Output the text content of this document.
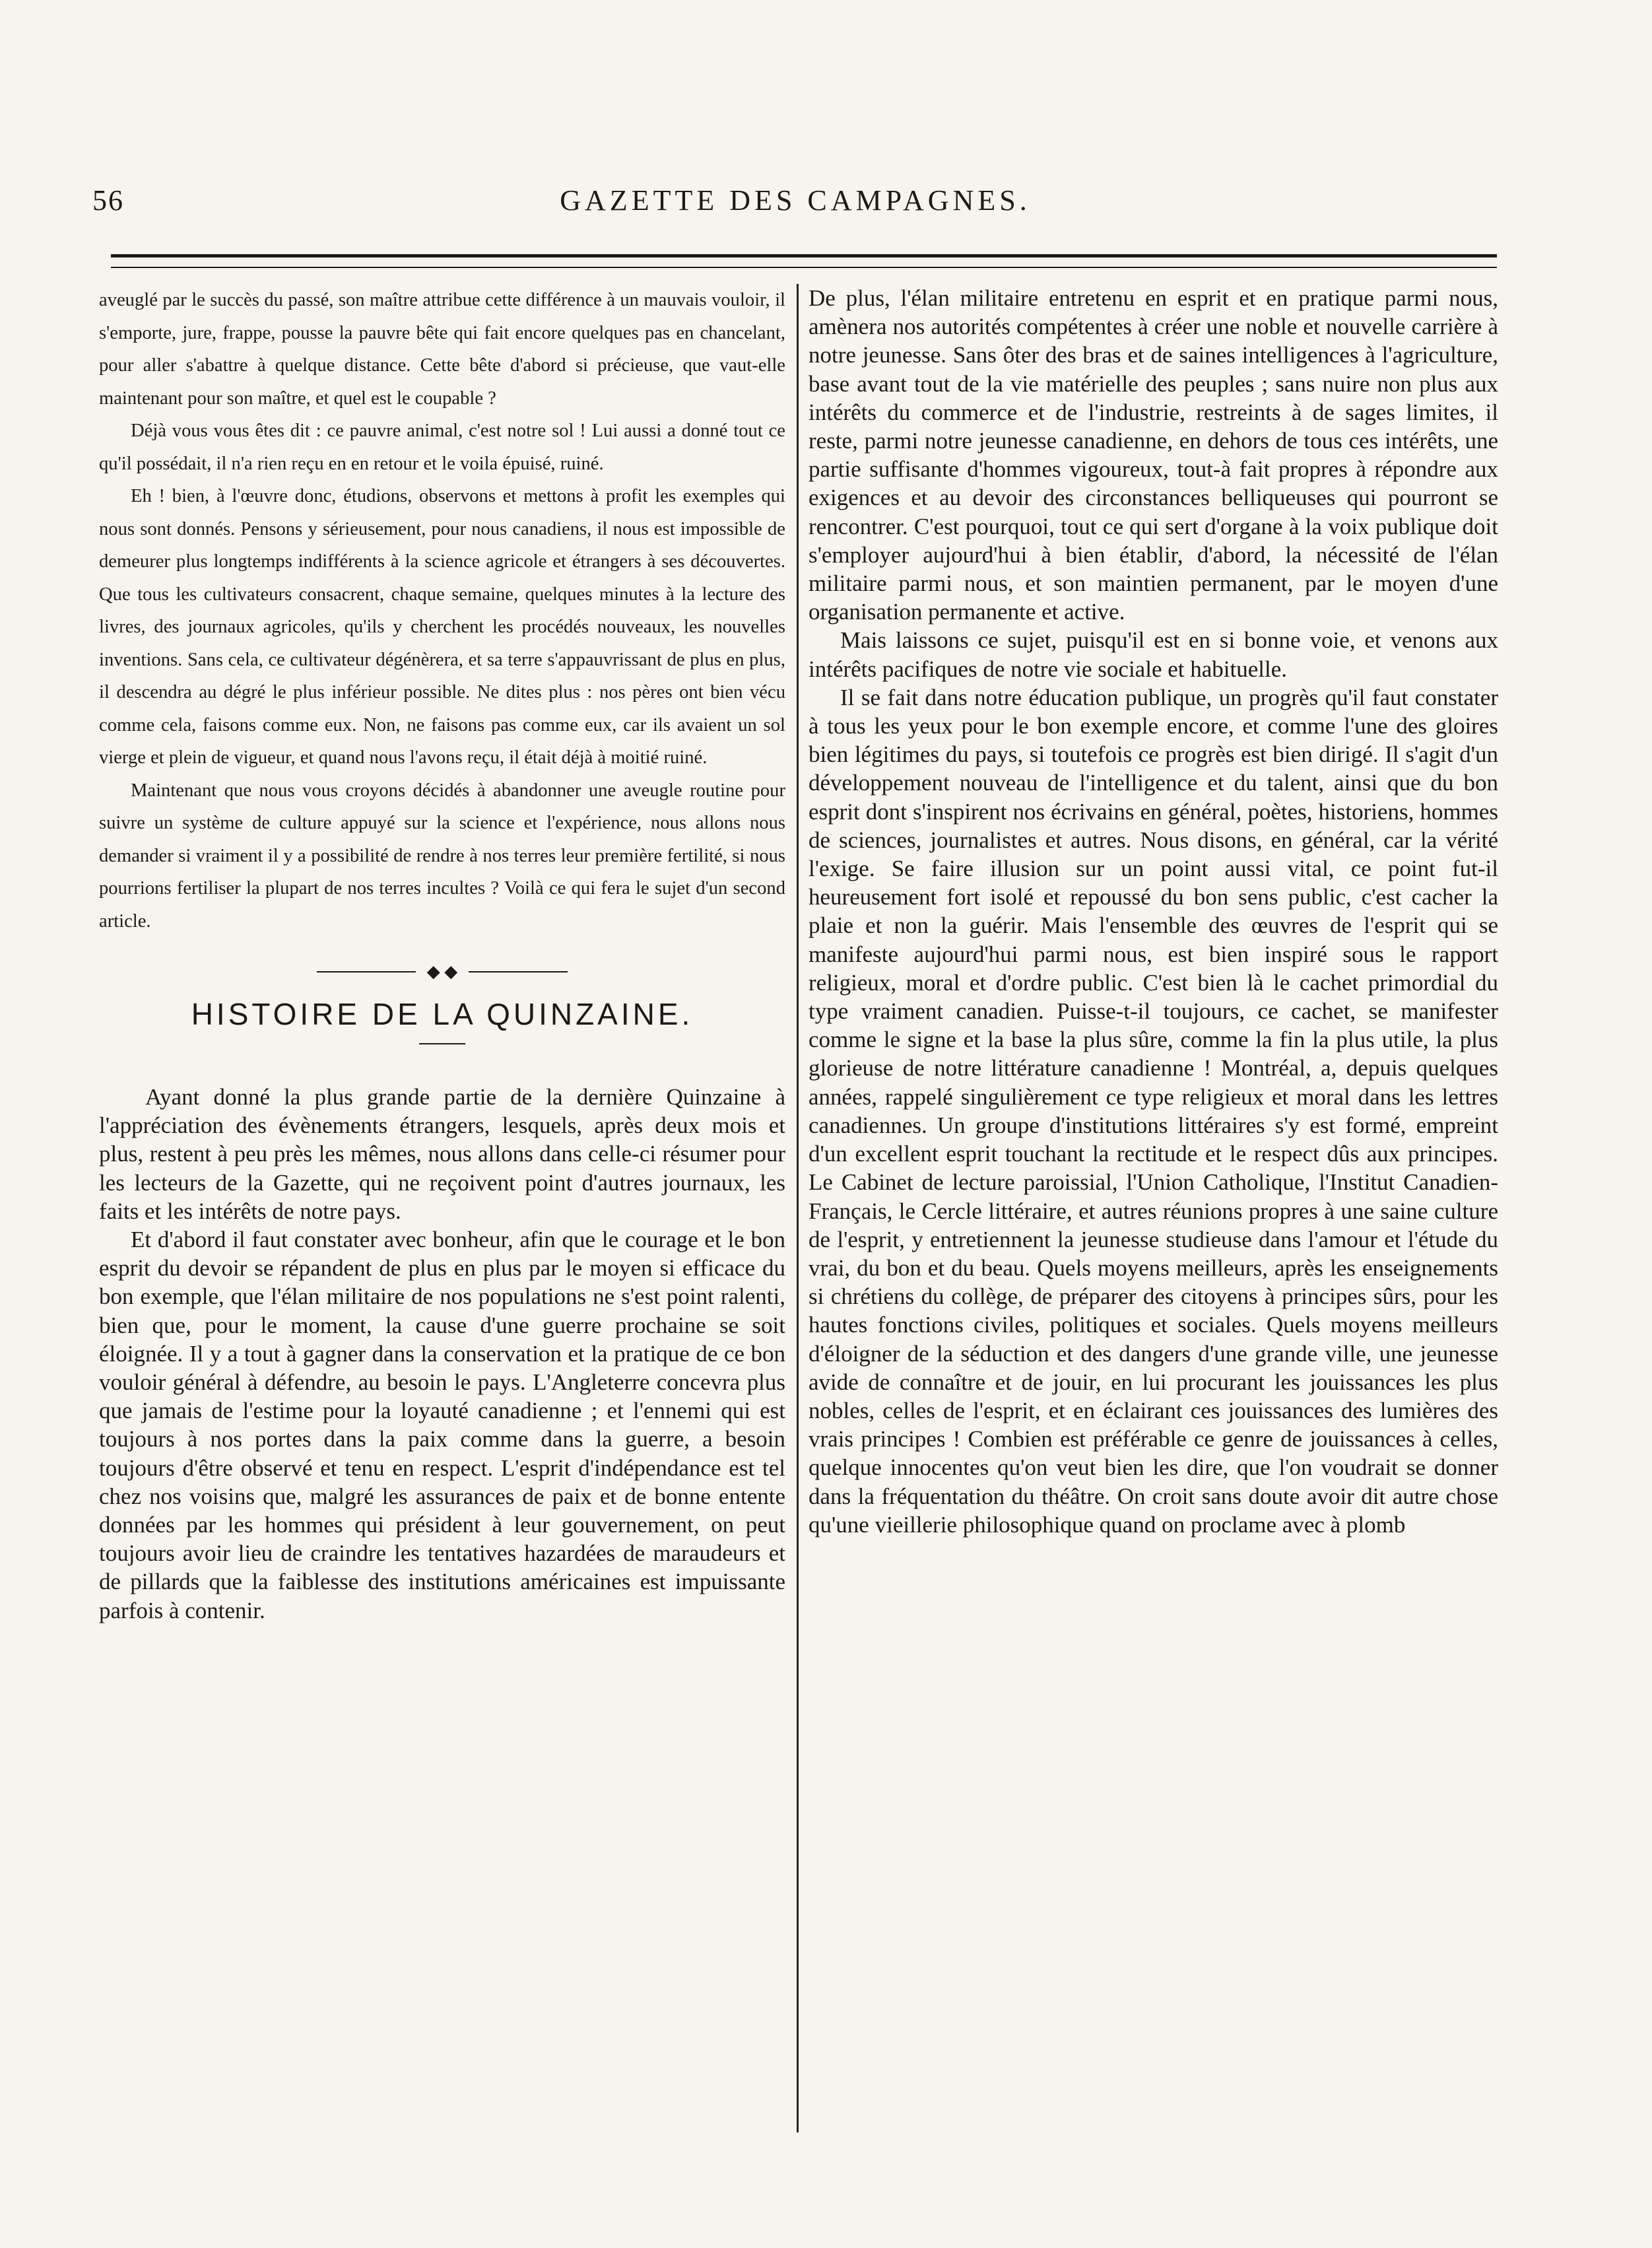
56	GAZETTE DES CAMPAGNES.

aveuglé par le succès du passé, son maître attribue cette différence à un mauvais vouloir, il s'emporte, jure, frappe, pousse la pauvre bête qui fait encore quelques pas en chancelant, pour aller s'abattre à quelque distance. Cette bête d'abord si précieuse, que vaut-elle maintenant pour son maître, et quel est le coupable ?

Déjà vous vous êtes dit : ce pauvre animal, c'est notre sol ! Lui aussi a donné tout ce qu'il possédait, il n'a rien reçu en en retour et le voila épuisé, ruiné.

Eh ! bien, à l'œuvre donc, étudions, observons et mettons à profit les exemples qui nous sont donnés. Pensons y sérieusement, pour nous canadiens, il nous est impossible de demeurer plus longtemps indifférents à la science agricole et étrangers à ses découvertes. Que tous les cultivateurs consacrent, chaque semaine, quelques minutes à la lecture des livres, des journaux agricoles, qu'ils y cherchent les procédés nouveaux, les nouvelles inventions. Sans cela, ce cultivateur dégénèrera, et sa terre s'appauvrissant de plus en plus, il descendra au dégré le plus inférieur possible. Ne dites plus : nos pères ont bien vécu comme cela, faisons comme eux. Non, ne faisons pas comme eux, car ils avaient un sol vierge et plein de vigueur, et quand nous l'avons reçu, il était déjà à moitié ruiné.

Maintenant que nous vous croyons décidés à abandonner une aveugle routine pour suivre un système de culture appuyé sur la science et l'expérience, nous allons nous demander si vraiment il y a possibilité de rendre à nos terres leur première fertilité, si nous pourrions fertiliser la plupart de nos terres incultes ? Voilà ce qui fera le sujet d'un second article.

◆ ◆
HISTOIRE DE LA QUINZAINE.

Ayant donné la plus grande partie de la dernière Quinzaine à l'appréciation des évènements étrangers, lesquels, après deux mois et plus, restent à peu près les mêmes, nous allons dans celle-ci résumer pour les lecteurs de la Gazette, qui ne reçoivent point d'autres journaux, les faits et les intérêts de notre pays.

Et d'abord il faut constater avec bonheur, afin que le courage et le bon esprit du devoir se répandent de plus en plus par le moyen si efficace du bon exemple, que l'élan militaire de nos populations ne s'est point ralenti, bien que, pour le moment, la cause d'une guerre prochaine se soit éloignée. Il y a tout à gagner dans la conservation et la pratique de ce bon vouloir général à défendre, au besoin le pays. L'Angleterre concevra plus que jamais de l'estime pour la loyauté canadienne ; et l'ennemi qui est toujours à nos portes dans la paix comme dans la guerre, a besoin toujours d'être observé et tenu en respect. L'esprit d'indépendance est tel chez nos voisins que, malgré les assurances de paix et de bonne entente données par les hommes qui président à leur gouvernement, on peut toujours avoir lieu de craindre les tentatives hazardées de maraudeurs et de pillards que la faiblesse des institutions américaines est impuissante parfois à contenir.

De plus, l'élan militaire entretenu en esprit et en pratique parmi nous, amènera nos autorités compétentes à créer une noble et nouvelle carrière à notre jeunesse. Sans ôter des bras et de saines intelligences à l'agriculture, base avant tout de la vie matérielle des peuples ; sans nuire non plus aux intérêts du commerce et de l'industrie, restreints à de sages limites, il reste, parmi notre jeunesse canadienne, en dehors de tous ces intérêts, une partie suffisante d'hommes vigoureux, tout-à fait propres à répondre aux exigences et au devoir des circonstances belliqueuses qui pourront se rencontrer. C'est pourquoi, tout ce qui sert d'organe à la voix publique doit s'employer aujourd'hui à bien établir, d'abord, la nécessité de l'élan militaire parmi nous, et son maintien permanent, par le moyen d'une organisation permanente et active.

Mais laissons ce sujet, puisqu'il est en si bonne voie, et venons aux intérêts pacifiques de notre vie sociale et habituelle.

Il se fait dans notre éducation publique, un progrès qu'il faut constater à tous les yeux pour le bon exemple encore, et comme l'une des gloires bien légitimes du pays, si toutefois ce progrès est bien dirigé. Il s'agit d'un développement nouveau de l'intelligence et du talent, ainsi que du bon esprit dont s'inspirent nos écrivains en général, poètes, historiens, hommes de sciences, journalistes et autres. Nous disons, en général, car la vérité l'exige. Se faire illusion sur un point aussi vital, ce point fut-il heureusement fort isolé et repoussé du bon sens public, c'est cacher la plaie et non la guérir. Mais l'ensemble des œuvres de l'esprit qui se manifeste aujourd'hui parmi nous, est bien inspiré sous le rapport religieux, moral et d'ordre public. C'est bien là le cachet primordial du type vraiment canadien. Puisse-t-il toujours, ce cachet, se manifester comme le signe et la base la plus sûre, comme la fin la plus utile, la plus glorieuse de notre littérature canadienne ! Montréal, a, depuis quelques années, rappelé singulièrement ce type religieux et moral dans les lettres canadiennes. Un groupe d'institutions littéraires s'y est formé, empreint d'un excellent esprit touchant la rectitude et le respect dûs aux principes. Le Cabinet de lecture paroissial, l'Union Catholique, l'Institut Canadien-Français, le Cercle littéraire, et autres réunions propres à une saine culture de l'esprit, y entretiennent la jeunesse studieuse dans l'amour et l'étude du vrai, du bon et du beau. Quels moyens meilleurs, après les enseignements si chrétiens du collège, de préparer des citoyens à principes sûrs, pour les hautes fonctions civiles, politiques et sociales. Quels moyens meilleurs d'éloigner de la séduction et des dangers d'une grande ville, une jeunesse avide de connaître et de jouir, en lui procurant les jouissances les plus nobles, celles de l'esprit, et en éclairant ces jouissances des lumières des vrais principes ! Combien est préférable ce genre de jouissances à celles, quelque innocentes qu'on veut bien les dire, que l'on voudrait se donner dans la fréquentation du théâtre. On croit sans doute avoir dit autre chose qu'une vieillerie philosophique quand on proclame avec à plomb
